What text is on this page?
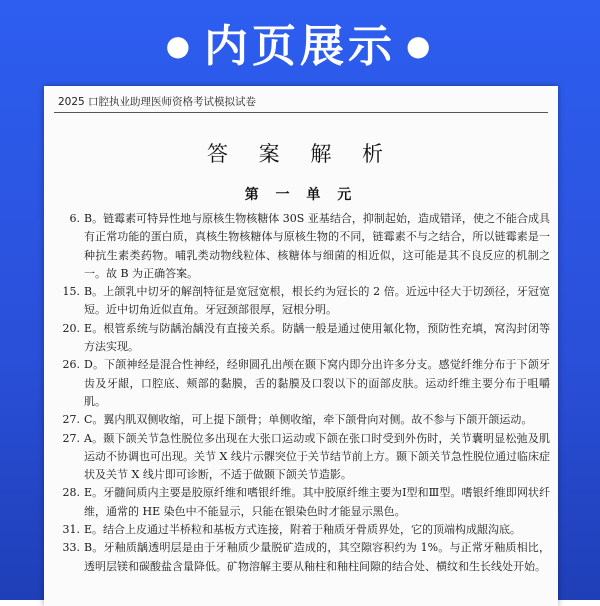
● 内页展示 ●
2025 口腔执业助理医师资格考试模拟试卷
答 案 解 析
第 一 单 元
6. B。链霉素可特异性地与原核生物核糖体 30S 亚基结合，抑制起始，造成错译，使之不能合成具有正常功能的蛋白质，真核生物核糖体与原核生物的不同，链霉素不与之结合，所以链霉素是一种抗生素类药物。哺乳类动物线粒体、核糖体与细菌的相近似，这可能是其不良反应的机制之一。故 B 为正确答案。
15. B。上颌乳中切牙的解剖特征是宽冠宽根，根长约为冠长的 2 倍。近远中径大于切颈径，牙冠宽短。近中切角近似直角。牙冠颈部很厚，冠根分明。
20. E。根管系统与防龋治龋没有直接关系。防龋一般是通过使用氟化物，预防性充填，窝沟封闭等方法实现。
26. D。下颌神经是混合性神经，经卵圆孔出颅在颞下窝内即分出许多分支。感觉纤维分布于下颌牙齿及牙龈，口腔底、颊部的黏膜，舌的黏膜及口裂以下的面部皮肤。运动纤维主要分布于咀嚼肌。
27. C。翼内肌双侧收缩，可上提下颌骨；单侧收缩，牵下颌骨向对侧。故不参与下颌开颌运动。
27. A。颞下颌关节急性脱位多出现在大张口运动或下颌在张口时受到外伤时，关节囊明显松弛及肌运动不协调也可出现。关节 X 线片示髁突位于关节结节前上方。颞下颌关节急性脱位通过临床症状及关节 X 线片即可诊断，不适于做颞下颌关节造影。
28. E。牙髓间质内主要是胶原纤维和嗜银纤维。其中胶原纤维主要为Ⅰ型和Ⅲ型。嗜银纤维即网状纤维，通常的 HE 染色中不能显示，只能在银染色时才能显示黑色。
31. E。结合上皮通过半桥粒和基板方式连接，附着于釉质牙骨质界处，它的顶端构成龈沟底。
33. B。牙釉质龋透明层是由于牙釉质少量脱矿造成的，其空隙容积约为 1%。与正常牙釉质相比，透明层镁和碳酸盐含量降低。矿物溶解主要从釉柱和釉柱间隙的结合处、横纹和生长线处开始。
